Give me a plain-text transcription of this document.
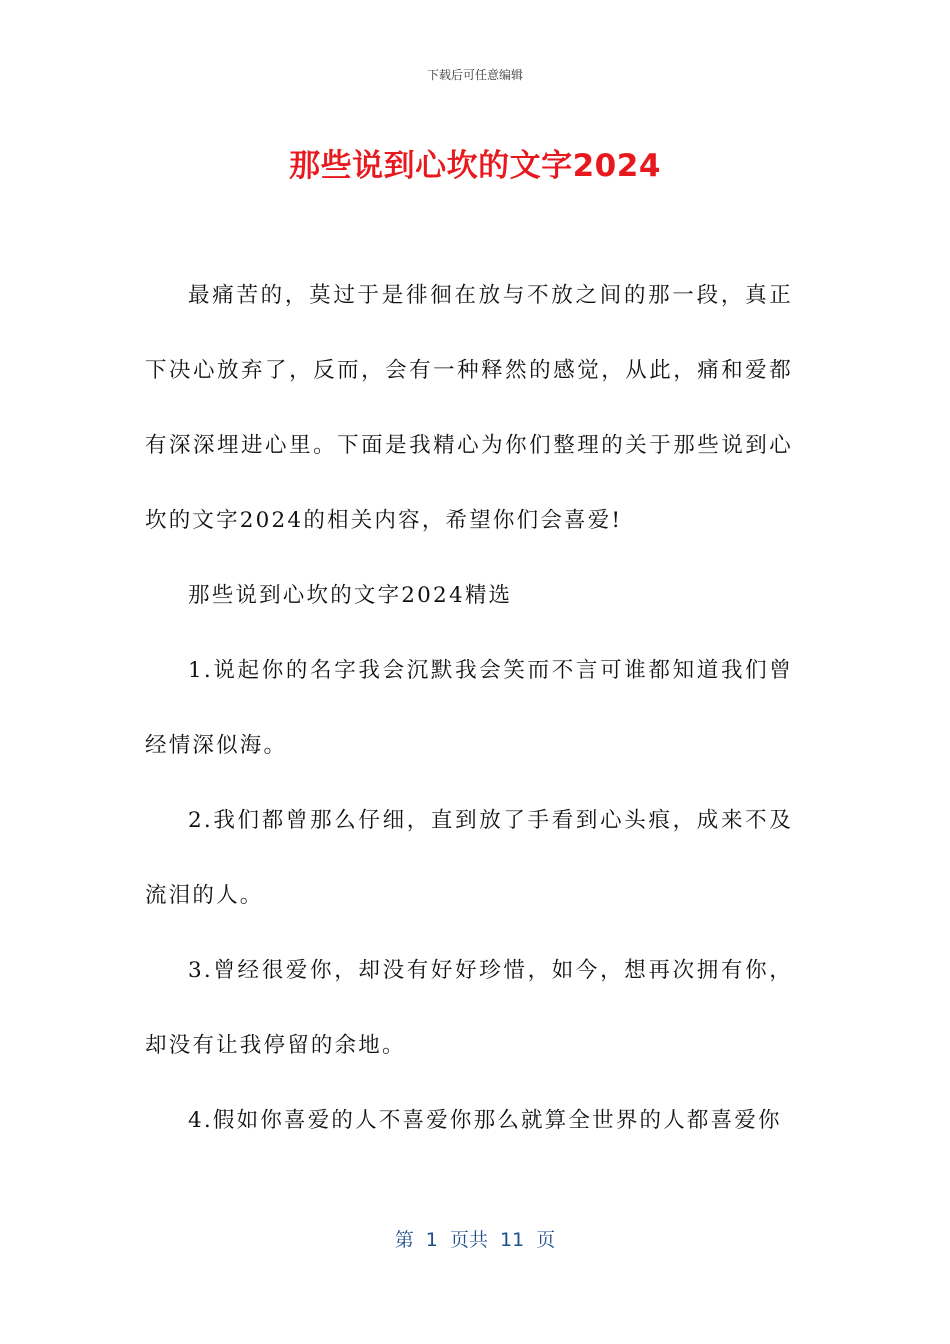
下载后可任意编辑
那些说到心坎的文字2024

最痛苦的，莫过于是徘徊在放与不放之间的那一段，真正下决心放弃了，反而，会有一种释然的感觉，从此，痛和爱都有深深埋进心里。下面是我精心为你们整理的关于那些说到心坎的文字2024的相关内容，希望你们会喜爱!

那些说到心坎的文字2024精选

1.说起你的名字我会沉默我会笑而不言可谁都知道我们曾经情深似海。

2.我们都曾那么仔细，直到放了手看到心头痕，成来不及流泪的人。

3.曾经很爱你，却没有好好珍惜，如今，想再次拥有你，却没有让我停留的余地。

4.假如你喜爱的人不喜爱你那么就算全世界的人都喜爱你

第  1  页共  11  页
